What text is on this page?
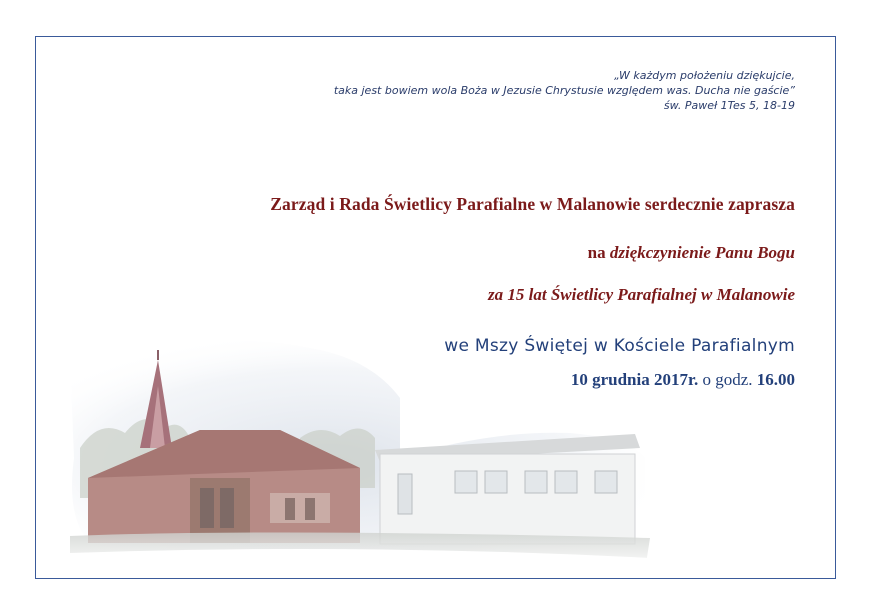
„W każdym położeniu dziękujcie,
taka jest bowiem wola Boża w Jezusie Chrystusie względem was. Ducha nie gaście”
św. Paweł 1Tes 5, 18-19
Zarząd i Rada Świetlicy Parafialne w Malanowie serdecznie zaprasza
na dziękczynienie Panu Bogu
za 15 lat Świetlicy Parafialnej w Malanowie
we Mszy Świętej w Kościele Parafialnym
10 grudnia 2017r. o godz. 16.00
